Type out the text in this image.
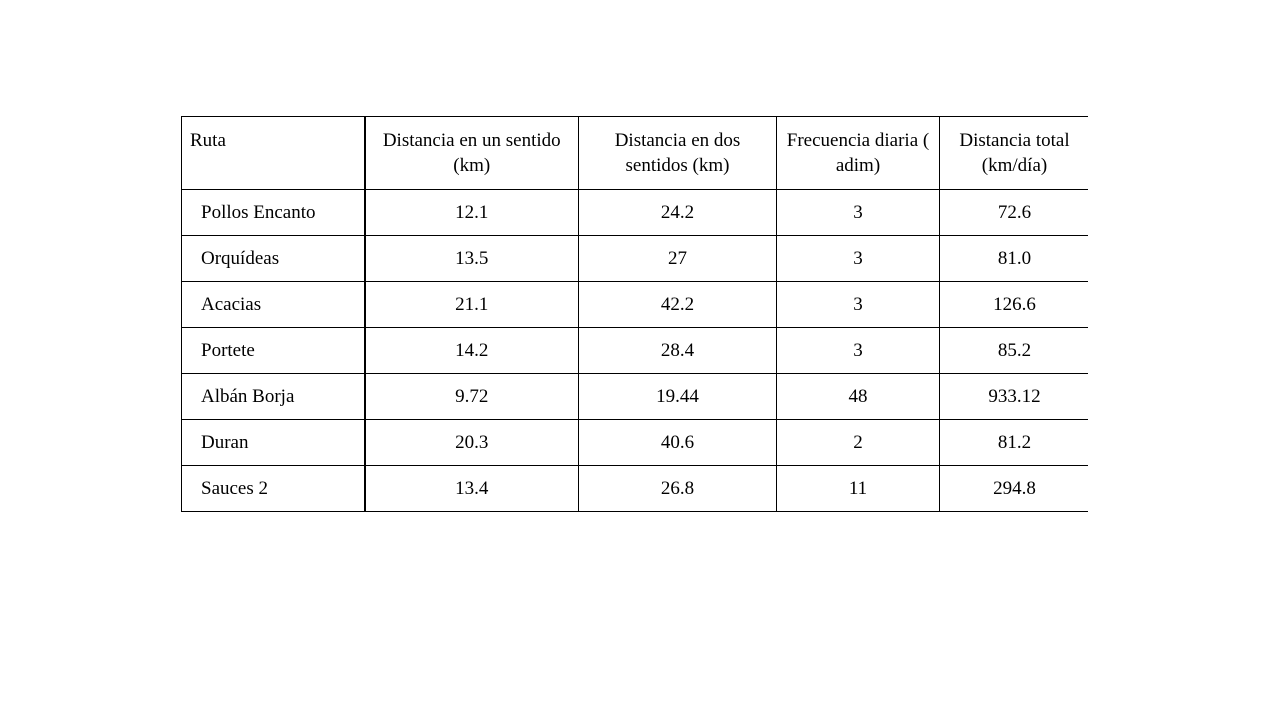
Ruta	Distancia en un sentido (km)	Distancia en dos sentidos (km)	Frecuencia diaria ( adim)	Distancia total (km/día)

Pollos Encanto	12.1	24.2	3	72.6
Orquídeas	13.5	27	3	81.0
Acacias	21.1	42.2	3	126.6
Portete	14.2	28.4	3	85.2
Albán Borja	9.72	19.44	48	933.12
Duran	20.3	40.6	2	81.2
Sauces 2	13.4	26.8	11	294.8
